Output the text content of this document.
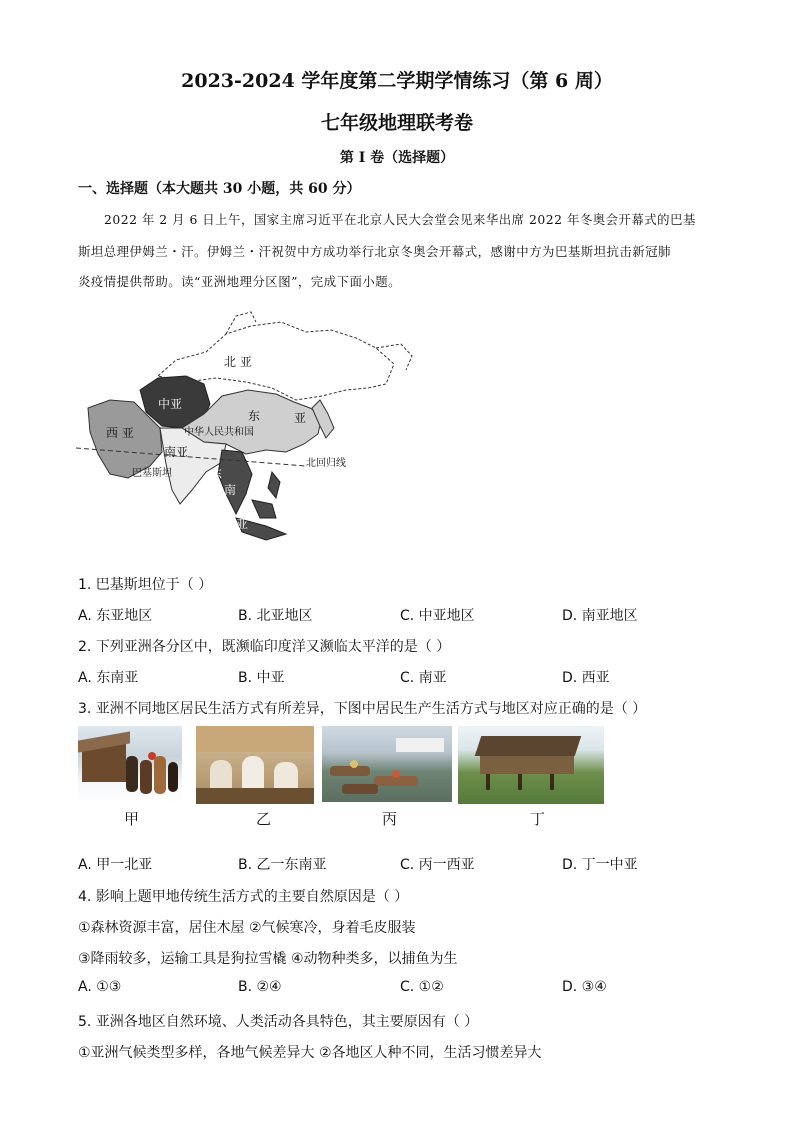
2023-2024 学年度第二学期学情练习（第 6 周）
七年级地理联考卷
第 I 卷（选择题）
一、选择题（本大题共 30 小题，共 60 分）
2022 年 2 月 6 日上午，国家主席习近平在北京人民大会堂会见来华出席 2022 年冬奥会开幕式的巴基
斯坦总理伊姆兰・汗。伊姆兰・汗祝贺中方成功举行北京冬奥会开幕式，感谢中方为巴基斯坦抗击新冠肺
炎疫情提供帮助。读“亚洲地理分区图”，完成下面小题。
北 亚
中亚
东	亚
西 亚	中华人民共和国
南亚
巴基斯坦
北回归线
东
南
亚
1. 巴基斯坦位于（ ）
A. 东亚地区	B. 北亚地区	C. 中亚地区	D. 南亚地区
2. 下列亚洲各分区中，既濒临印度洋又濒临太平洋的是（ ）
A. 东南亚	B. 中亚	C. 南亚	D. 西亚
3. 亚洲不同地区居民生活方式有所差异，下图中居民生产生活方式与地区对应正确的是（ ）
甲	乙	丙	丁
A. 甲一北亚	B. 乙一东南亚	C. 丙一西亚	D. 丁一中亚
4. 影响上题甲地传统生活方式的主要自然原因是（ ）
①森林资源丰富，居住木屋 ②气候寒冷，身着毛皮服装
③降雨较多，运输工具是狗拉雪橇 ④动物种类多，以捕鱼为生
A. ①③	B. ②④	C. ①②	D. ③④
5. 亚洲各地区自然环境、人类活动各具特色，其主要原因有（ ）
①亚洲气候类型多样，各地气候差异大 ②各地区人种不同，生活习惯差异大
